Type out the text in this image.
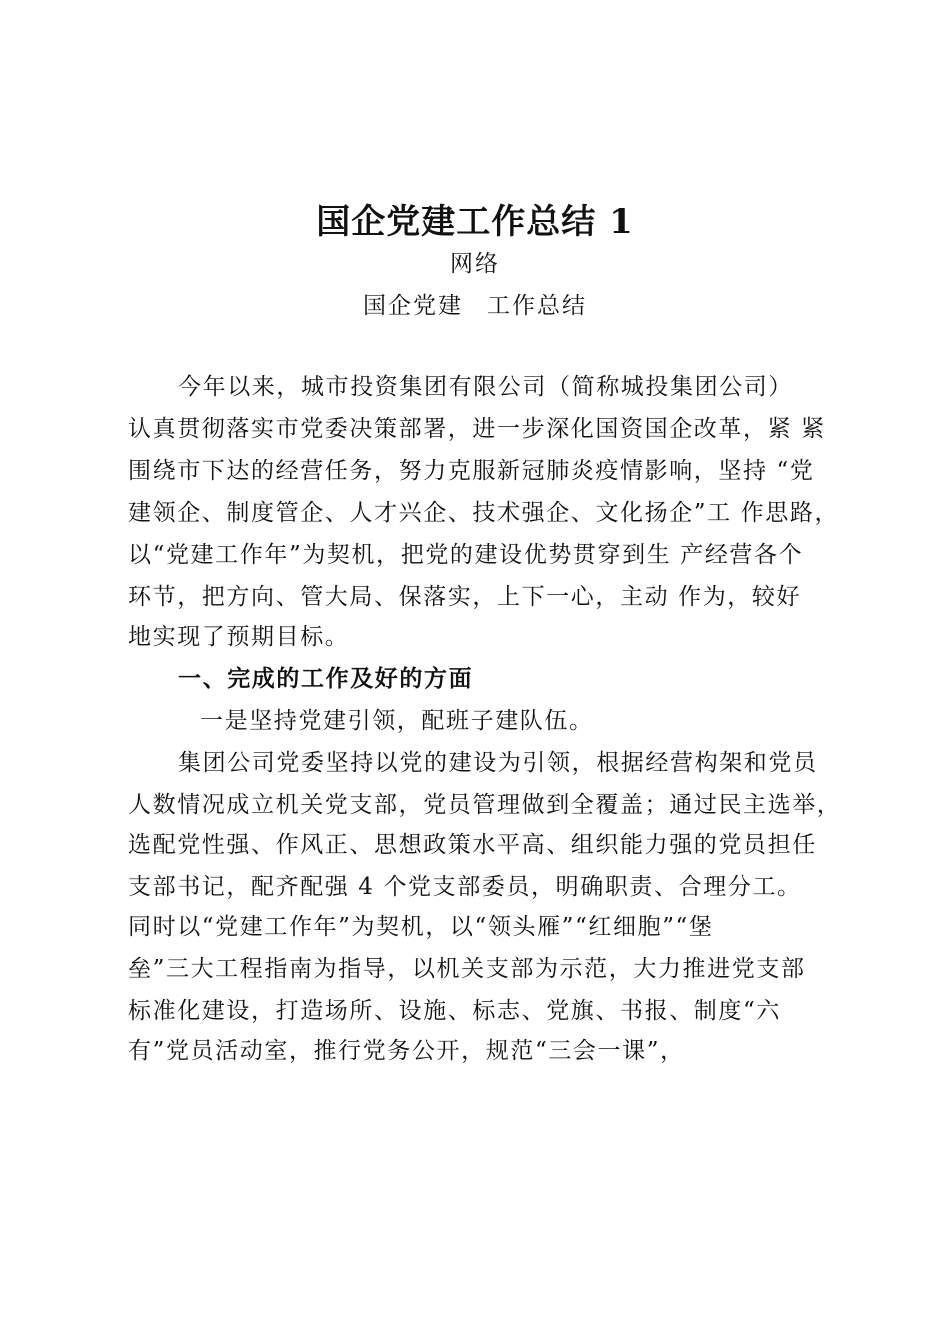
国企党建工作总结 1
网络
国企党建 工作总结
今年以来，城市投资集团有限公司（简称城投集团公司）
认真贯彻落实市党委决策部署，进一步深化国资国企改革，紧 紧
围绕市下达的经营任务，努力克服新冠肺炎疫情影响，坚持 “党
建领企、制度管企、人才兴企、技术强企、文化扬企”工 作思路，
以“党建工作年”为契机，把党的建设优势贯穿到生 产经营各个
环节，把方向、管大局、保落实，上下一心，主动 作为，较好
地实现了预期目标。
一、完成的工作及好的方面
一是坚持党建引领，配班子建队伍。
集团公司党委坚持以党的建设为引领，根据经营构架和党员
人数情况成立机关党支部，党员管理做到全覆盖；通过民主选举，
选配党性强、作风正、思想政策水平高、组织能力强的党员担任
支部书记，配齐配强 4 个党支部委员，明确职责、合理分工。
同时以“党建工作年”为契机，以“领头雁”“红细胞”“堡
垒”三大工程指南为指导，以机关支部为示范，大力推进党支部
标准化建设，打造场所、设施、标志、党旗、书报、制度“六
有”党员活动室，推行党务公开，规范“三会一课”，
